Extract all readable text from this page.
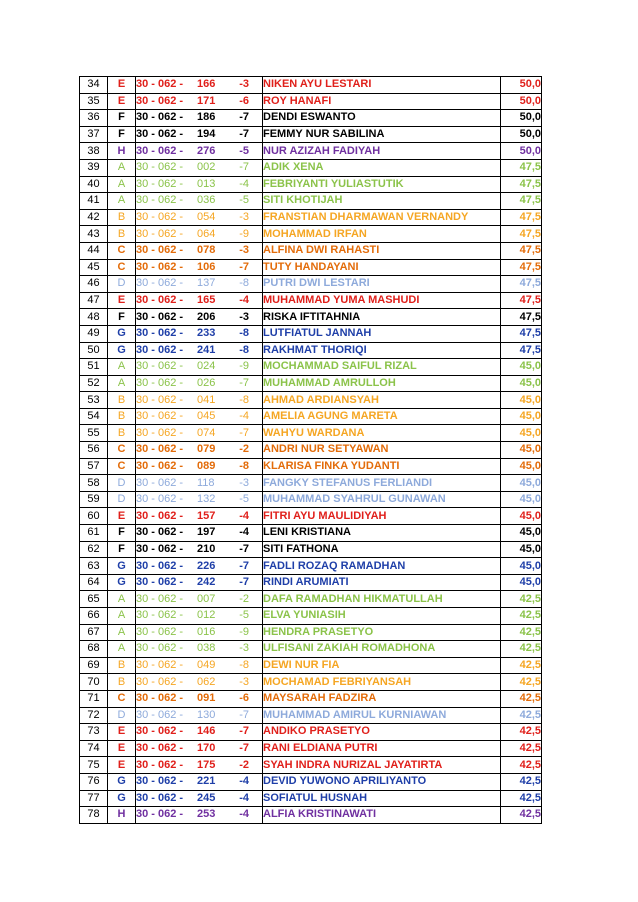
34	E	30 - 062 - 166 -3	NIKEN AYU LESTARI	50,0
35	E	30 - 062 - 171 -6	ROY HANAFI	50,0
36	F	30 - 062 - 186 -7	DENDI ESWANTO	50,0
37	F	30 - 062 - 194 -7	FEMMY NUR SABILINA	50,0
38	H	30 - 062 - 276 -5	NUR AZIZAH FADIYAH	50,0
39	A	30 - 062 - 002 -7	ADIK XENA	47,5
40	A	30 - 062 - 013 -4	FEBRIYANTI YULIASTUTIK	47,5
41	A	30 - 062 - 036 -5	SITI KHOTIJAH	47,5
42	B	30 - 062 - 054 -3	FRANSTIAN DHARMAWAN VERNANDY	47,5
43	B	30 - 062 - 064 -9	MOHAMMAD IRFAN	47,5
44	C	30 - 062 - 078 -3	ALFINA DWI RAHASTI	47,5
45	C	30 - 062 - 106 -7	TUTY HANDAYANI	47,5
46	D	30 - 062 - 137 -8	PUTRI DWI LESTARI	47,5
47	E	30 - 062 - 165 -4	MUHAMMAD YUMA MASHUDI	47,5
48	F	30 - 062 - 206 -3	RISKA IFTITAHNIA	47,5
49	G	30 - 062 - 233 -8	LUTFIATUL JANNAH	47,5
50	G	30 - 062 - 241 -8	RAKHMAT THORIQI	47,5
51	A	30 - 062 - 024 -9	MOCHAMMAD SAIFUL RIZAL	45,0
52	A	30 - 062 - 026 -7	MUHAMMAD AMRULLOH	45,0
53	B	30 - 062 - 041 -8	AHMAD ARDIANSYAH	45,0
54	B	30 - 062 - 045 -4	AMELIA AGUNG MARETA	45,0
55	B	30 - 062 - 074 -7	WAHYU WARDANA	45,0
56	C	30 - 062 - 079 -2	ANDRI NUR SETYAWAN	45,0
57	C	30 - 062 - 089 -8	KLARISA FINKA YUDANTI	45,0
58	D	30 - 062 - 118 -3	FANGKY STEFANUS FERLIANDI	45,0
59	D	30 - 062 - 132 -5	MUHAMMAD SYAHRUL GUNAWAN	45,0
60	E	30 - 062 - 157 -4	FITRI AYU MAULIDIYAH	45,0
61	F	30 - 062 - 197 -4	LENI KRISTIANA	45,0
62	F	30 - 062 - 210 -7	SITI FATHONA	45,0
63	G	30 - 062 - 226 -7	FADLI ROZAQ RAMADHAN	45,0
64	G	30 - 062 - 242 -7	RINDI ARUMIATI	45,0
65	A	30 - 062 - 007 -2	DAFA RAMADHAN HIKMATULLAH	42,5
66	A	30 - 062 - 012 -5	ELVA YUNIASIH	42,5
67	A	30 - 062 - 016 -9	HENDRA PRASETYO	42,5
68	A	30 - 062 - 038 -3	ULFISANI ZAKIAH ROMADHONA	42,5
69	B	30 - 062 - 049 -8	DEWI NUR FIA	42,5
70	B	30 - 062 - 062 -3	MOCHAMAD FEBRIYANSAH	42,5
71	C	30 - 062 - 091 -6	MAYSARAH FADZIRA	42,5
72	D	30 - 062 - 130 -7	MUHAMMAD AMIRUL KURNIAWAN	42,5
73	E	30 - 062 - 146 -7	ANDIKO PRASETYO	42,5
74	E	30 - 062 - 170 -7	RANI ELDIANA PUTRI	42,5
75	E	30 - 062 - 175 -2	SYAH INDRA NURIZAL JAYATIRTA	42,5
76	G	30 - 062 - 221 -4	DEVID YUWONO APRILIYANTO	42,5
77	G	30 - 062 - 245 -4	SOFIATUL HUSNAH	42,5
78	H	30 - 062 - 253 -4	ALFIA KRISTINAWATI	42,5
